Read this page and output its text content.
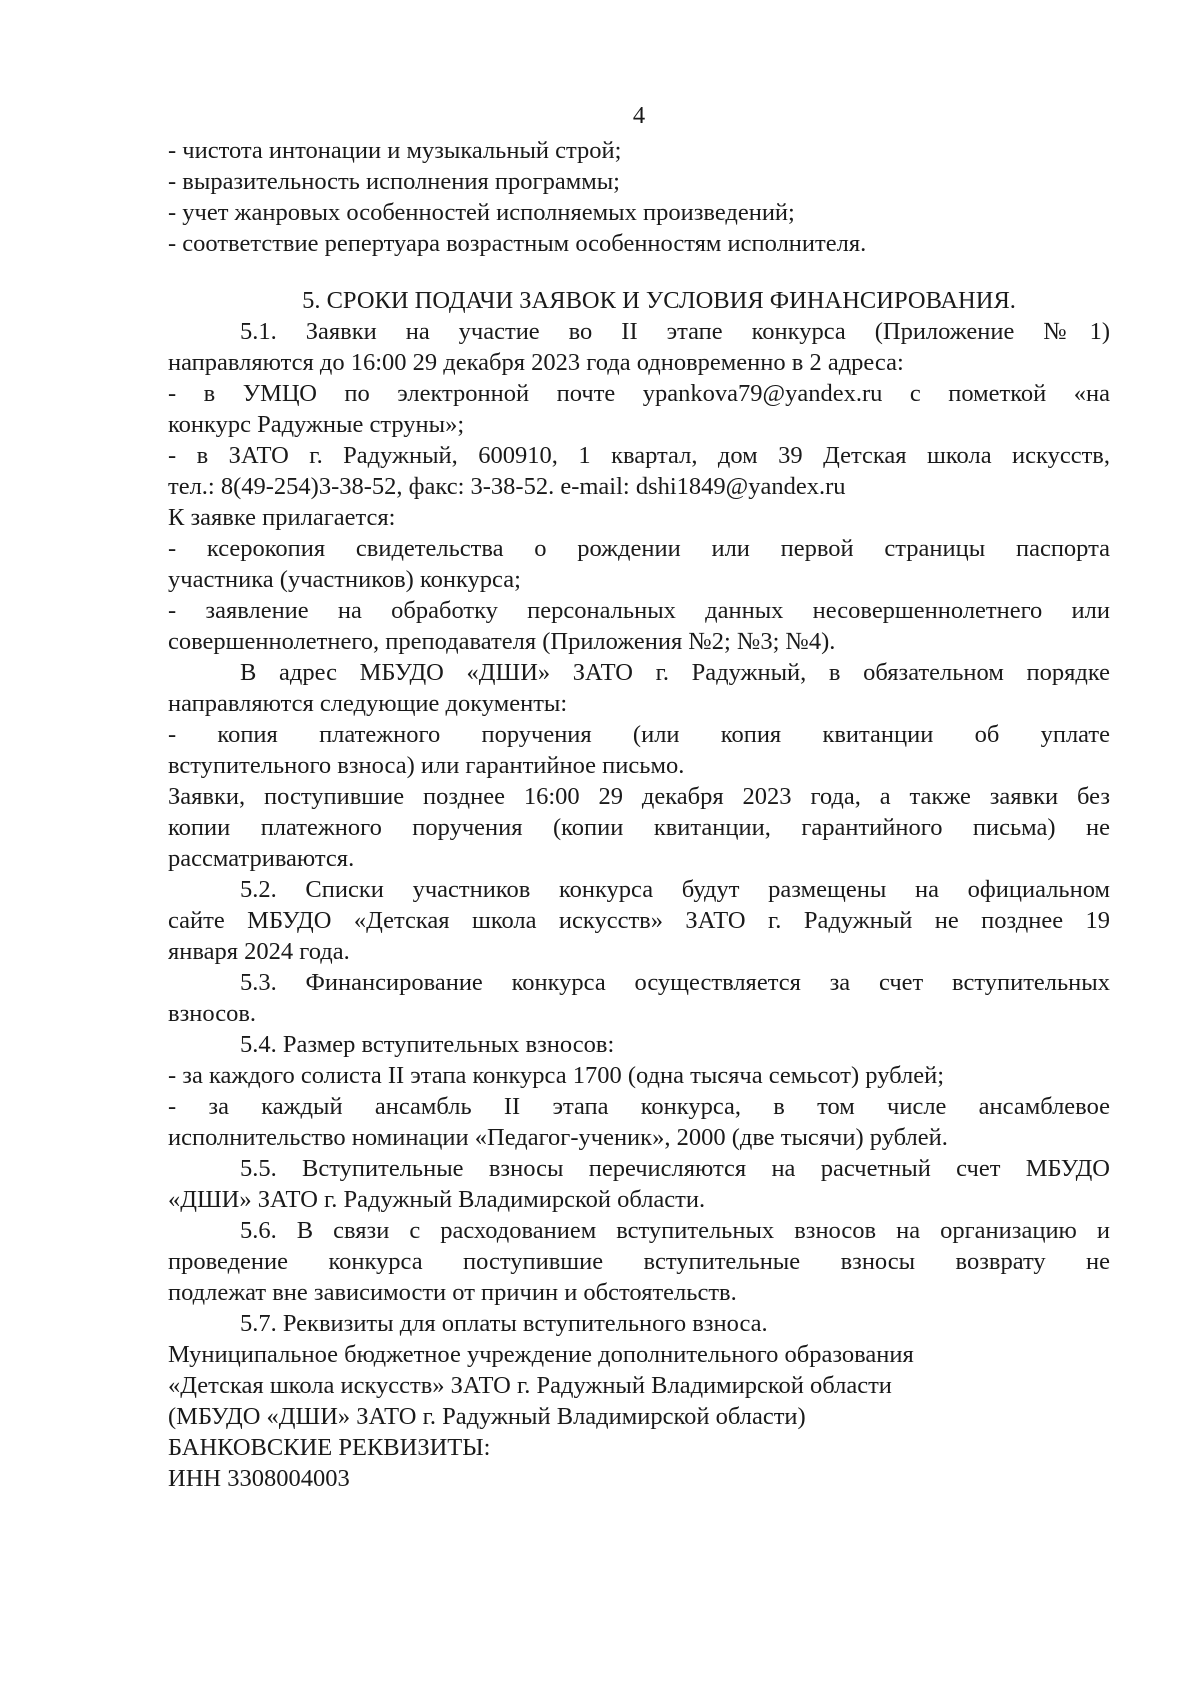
4
- чистота интонации и музыкальный строй;
- выразительность исполнения программы;
- учет жанровых особенностей исполняемых произведений;
- соответствие репертуара возрастным особенностям исполнителя.
5. СРОКИ ПОДАЧИ ЗАЯВОК И УСЛОВИЯ ФИНАНСИРОВАНИЯ.
5.1. Заявки на участие во II этапе конкурса (Приложение №1)
направляются до 16:00 29 декабря 2023 года одновременно в 2 адреса:
- в УМЦО по электронной почте ypankova79@yandex.ru с пометкой «на
конкурс Радужные струны»;
- в ЗАТО г. Радужный, 600910, 1 квартал, дом 39 Детская школа искусств,
тел.: 8(49-254)3-38-52, факс: 3-38-52. e-mail: dshi1849@yandex.ru
К заявке прилагается:
- ксерокопия свидетельства о рождении или первой страницы паспорта
участника (участников) конкурса;
- заявление на обработку персональных данных несовершеннолетнего или
совершеннолетнего, преподавателя (Приложения №2; №3; №4).
В адрес МБУДО «ДШИ» ЗАТО г. Радужный, в обязательном порядке
направляются следующие документы:
- копия платежного поручения (или копия квитанции об уплате
вступительного взноса) или гарантийное письмо.
Заявки, поступившие позднее 16:00 29 декабря 2023 года, а также заявки без
копии платежного поручения (копии квитанции, гарантийного письма) не
рассматриваются.
5.2. Списки участников конкурса будут размещены на официальном
сайте МБУДО «Детская школа искусств» ЗАТО г. Радужный не позднее 19
января 2024 года.
5.3. Финансирование конкурса осуществляется за счет вступительных
взносов.
5.4. Размер вступительных взносов:
- за каждого солиста II этапа конкурса 1700 (одна тысяча семьсот) рублей;
- за каждый ансамбль II этапа конкурса, в том числе ансамблевое
исполнительство номинации «Педагог-ученик», 2000 (две тысячи) рублей.
5.5. Вступительные взносы перечисляются на расчетный счет МБУДО
«ДШИ» ЗАТО г. Радужный Владимирской области.
5.6. В связи с расходованием вступительных взносов на организацию и
проведение конкурса поступившие вступительные взносы возврату не
подлежат вне зависимости от причин и обстоятельств.
5.7. Реквизиты для оплаты вступительного взноса.
Муниципальное бюджетное учреждение дополнительного образования
«Детская школа искусств» ЗАТО г. Радужный Владимирской области
(МБУДО «ДШИ» ЗАТО г. Радужный Владимирской области)
БАНКОВСКИЕ РЕКВИЗИТЫ:
ИНН 3308004003
